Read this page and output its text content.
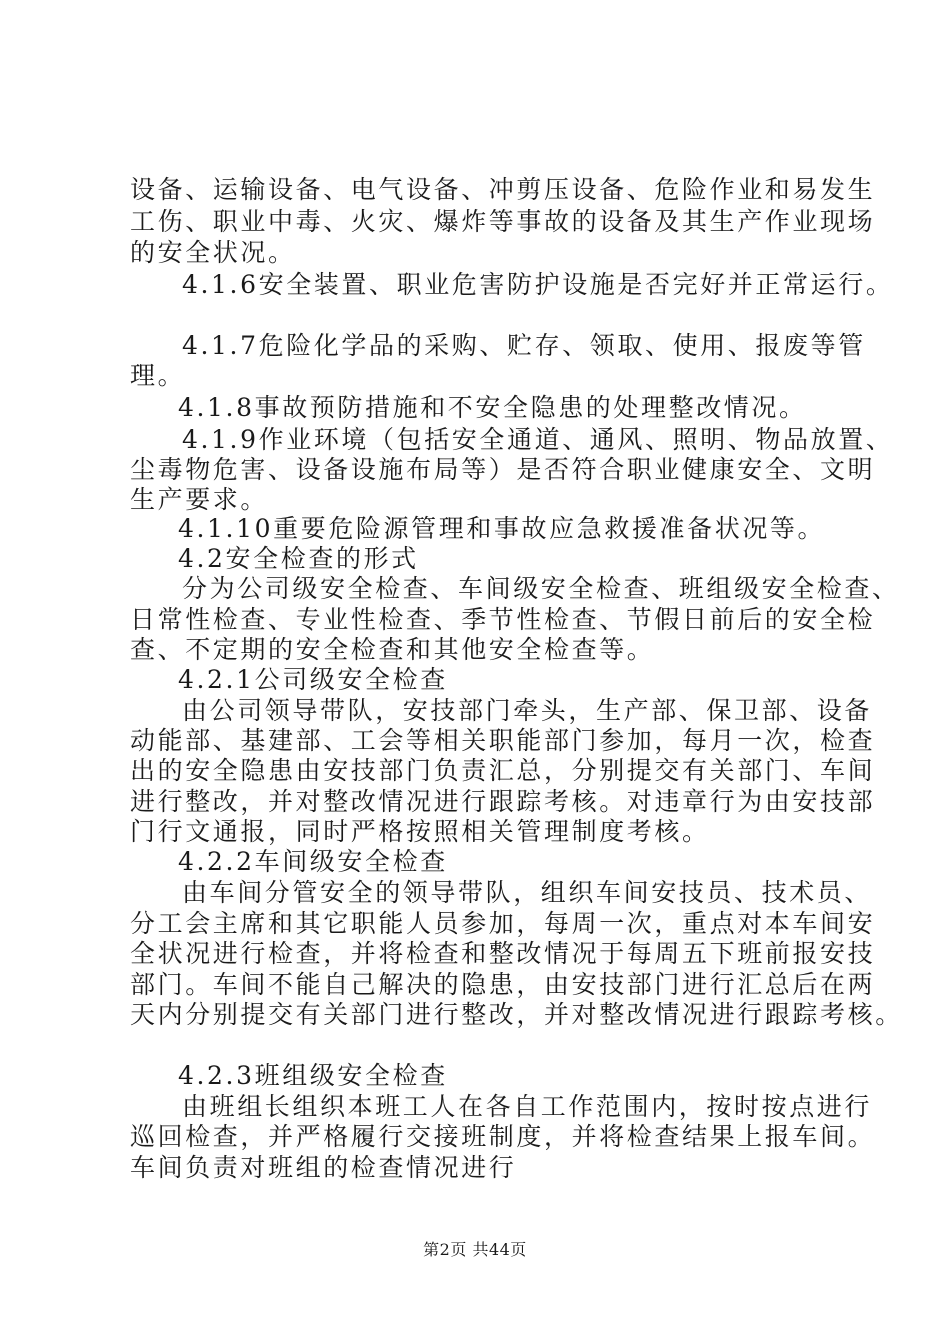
设备、运输设备、电气设备、冲剪压设备、危险作业和易发生
工伤、职业中毒、火灾、爆炸等事故的设备及其生产作业现场
的安全状况。
4.1.6安全装置、职业危害防护设施是否完好并正常运行。
4.1.7危险化学品的采购、贮存、领取、使用、报废等管
理。
4.1.8事故预防措施和不安全隐患的处理整改情况。
4.1.9作业环境（包括安全通道、通风、照明、物品放置、
尘毒物危害、设备设施布局等）是否符合职业健康安全、文明
生产要求。
4.1.10重要危险源管理和事故应急救援准备状况等。
4.2安全检查的形式
分为公司级安全检查、车间级安全检查、班组级安全检查、
日常性检查、专业性检查、季节性检查、节假日前后的安全检
查、不定期的安全检查和其他安全检查等。
4.2.1公司级安全检查
由公司领导带队，安技部门牵头，生产部、保卫部、设备
动能部、基建部、工会等相关职能部门参加，每月一次，检查
出的安全隐患由安技部门负责汇总，分别提交有关部门、车间
进行整改，并对整改情况进行跟踪考核。对违章行为由安技部
门行文通报，同时严格按照相关管理制度考核。
4.2.2车间级安全检查
由车间分管安全的领导带队，组织车间安技员、技术员、
分工会主席和其它职能人员参加，每周一次，重点对本车间安
全状况进行检查，并将检查和整改情况于每周五下班前报安技
部门。车间不能自己解决的隐患，由安技部门进行汇总后在两
天内分别提交有关部门进行整改，并对整改情况进行跟踪考核。
4.2.3班组级安全检查
由班组长组织本班工人在各自工作范围内，按时按点进行
巡回检查，并严格履行交接班制度，并将检查结果上报车间。
车间负责对班组的检查情况进行
第2页 共44页
